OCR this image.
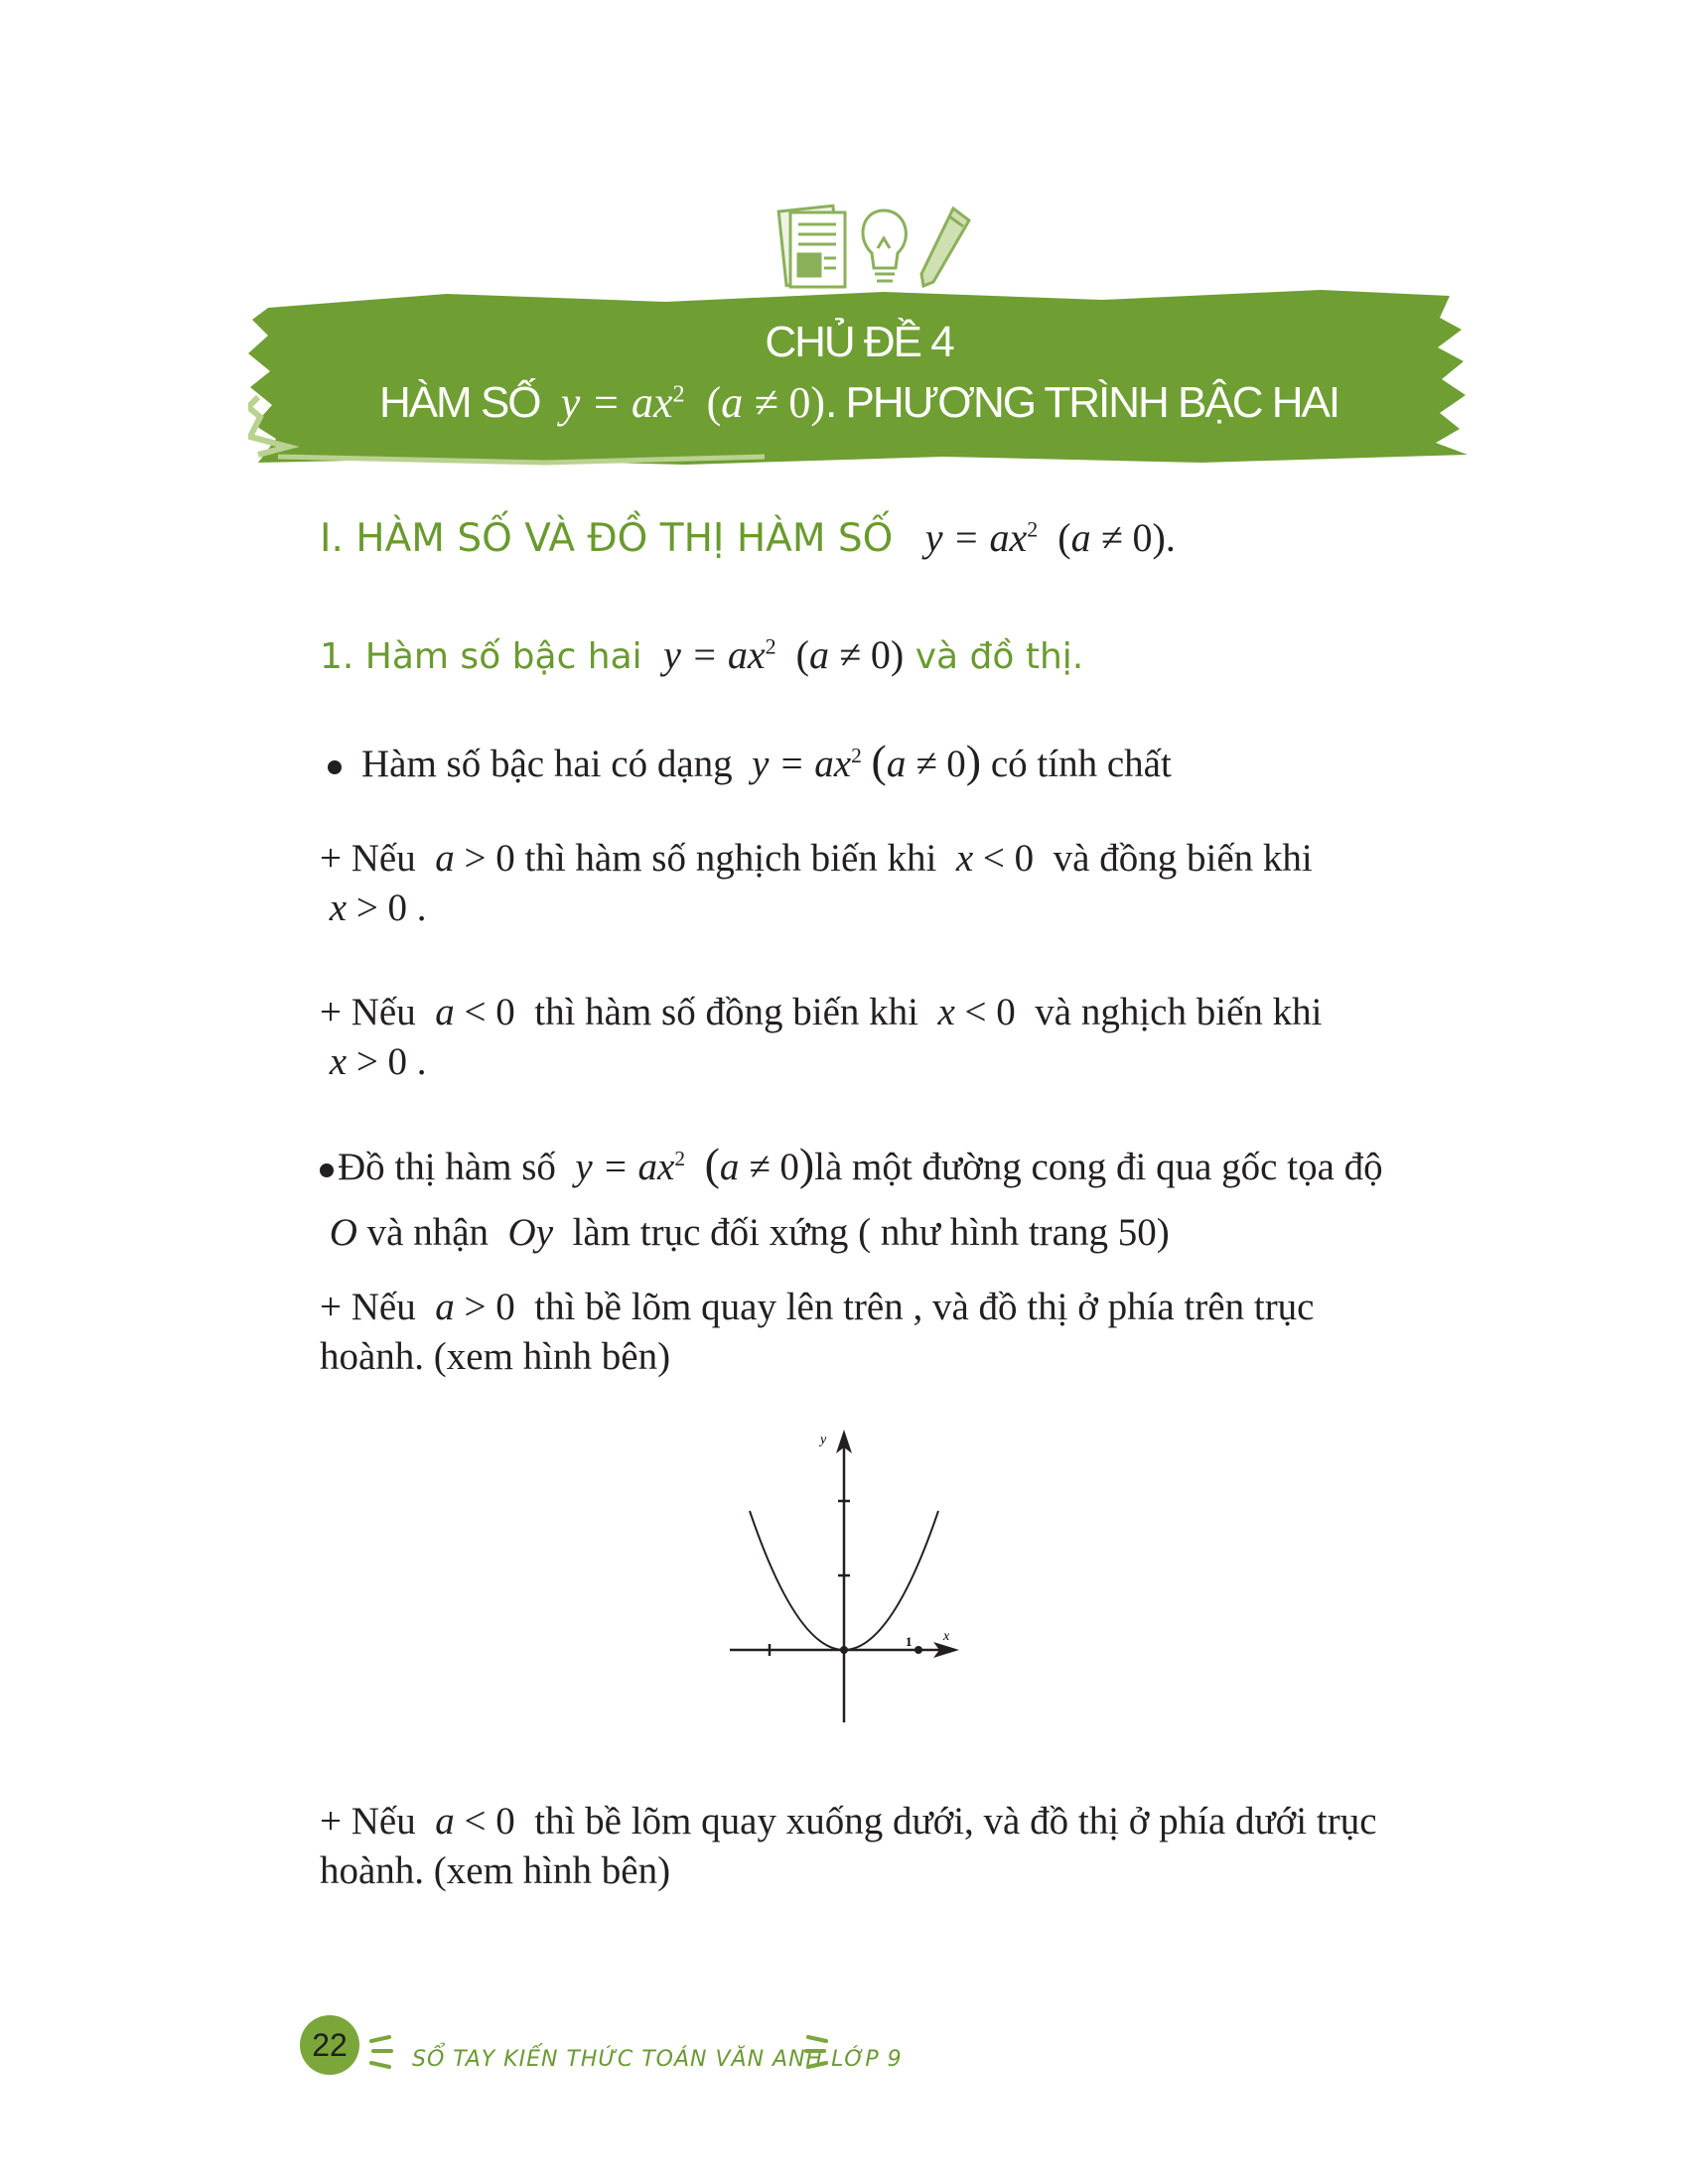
CHỦ ĐỀ 4
HÀM SỐ  $y = ax^2$ (a ≠ 0). PHƯƠNG TRÌNH BẬC HAI
I. HÀM SỐ VÀ ĐỒ THỊ HÀM SỐ   $y = ax^2$ (a ≠ 0).
1. Hàm số bậc hai  $y = ax^2$ (a ≠ 0) và đồ thị.
Hàm số bậc hai có dạng  $y = ax^2$ (a ≠ 0) có tính chất
+ Nếu  a > 0 thì hàm số nghịch biến khi  x < 0  và đồng biến khi
x > 0 .
+ Nếu  a < 0  thì hàm số đồng biến khi  x < 0  và nghịch biến khi
x > 0 .
Đồ thị hàm số  $y = ax^2$ (a ≠ 0)là một đường cong đi qua gốc tọa độ  O và nhận  Oy làm trục đối xứng ( như hình trang 50)
+ Nếu  a > 0  thì bề lõm quay lên trên , và đồ thị ở phía trên trục hoành. (xem hình bên)
y
x
1
+ Nếu  a < 0  thì bề lõm quay xuống dưới, và đồ thị ở phía dưới trục hoành. (xem hình bên)
22	SỔ TAY KIẾN THỨC TOÁN VĂN ANH LỚP 9
